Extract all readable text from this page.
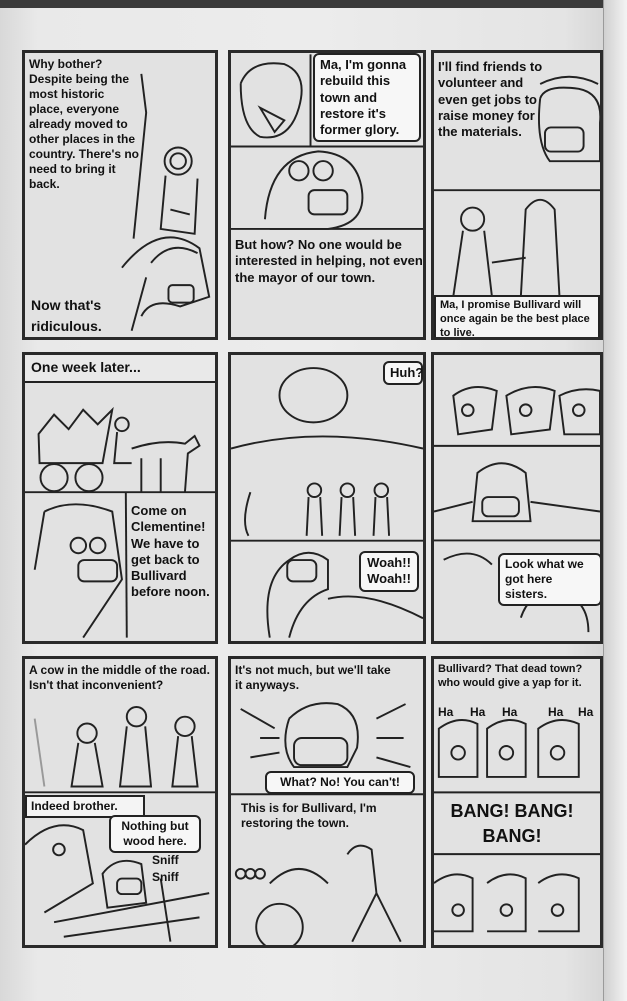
Why bother? Despite being the most historic place, everyone already moved to other places in the country. There's no need to bring it back.
Now that's ridiculous.
Ma, I'm gonna rebuild this town and restore it's former glory.
But how? No one would be interested in helping, not even the mayor of our town.
I'll find friends to volunteer and even get jobs to raise money for the materials.
Ma, I promise Bullivard will once again be the best place to live.
One week later...
Come on Clementine! We have to get back to Bullivard before noon.
Huh?
Woah!! Woah!!
Look what we got here sisters.
A cow in the middle of the road. Isn't that inconvenient?
Indeed brother.
Nothing but wood here.
Sniff
Sniff
It's not much, but we'll take it anyways.
What? No! You can't!
This is for Bullivard, I'm restoring the town.
Bullivard? That dead town? who would give a yap for it.
Ha Ha Ha	Ha Ha
BANG! BANG! BANG!
